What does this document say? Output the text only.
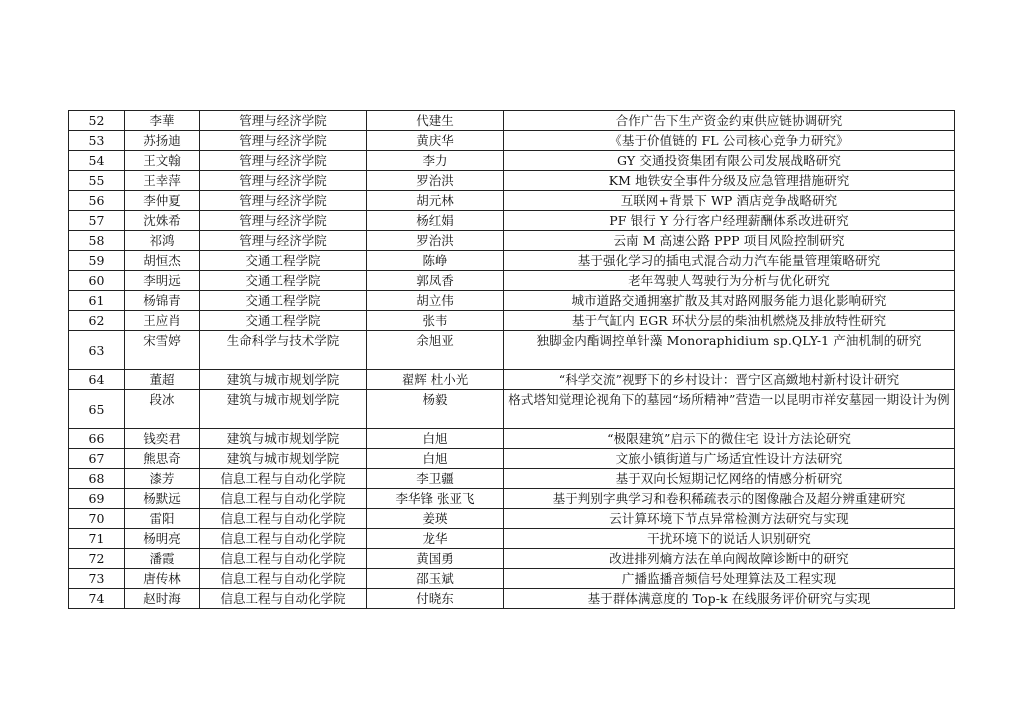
52	李華	管理与经济学院	代建生	合作广告下生产资金约束供应链协调研究
53	苏扬迪	管理与经济学院	黄庆华	《基于价值链的 FL 公司核心竞争力研究》
54	王文翰	管理与经济学院	李力	GY 交通投资集团有限公司发展战略研究
55	王幸萍	管理与经济学院	罗治洪	KM 地铁安全事件分级及应急管理措施研究
56	李仲夏	管理与经济学院	胡元林	互联网+背景下 WP 酒店竞争战略研究
57	沈姝希	管理与经济学院	杨红娟	PF 银行 Y 分行客户经理薪酬体系改进研究
58	祁鸿	管理与经济学院	罗治洪	云南 M 高速公路 PPP 项目风险控制研究
59	胡恒杰	交通工程学院	陈峥	基于强化学习的插电式混合动力汽车能量管理策略研究
60	李明远	交通工程学院	郭凤香	老年驾驶人驾驶行为分析与优化研究
61	杨锦青	交通工程学院	胡立伟	城市道路交通拥塞扩散及其对路网服务能力退化影响研究
62	王应肖	交通工程学院	张韦	基于气缸内 EGR 环状分层的柴油机燃烧及排放特性研究
63	宋雪婷	生命科学与技术学院	余旭亚	独脚金内酯调控单针藻 Monoraphidium sp.QLY-1 产油机制的研究
64	董超	建筑与城市规划学院	翟辉 杜小光	“科学交流”视野下的乡村设计：晋宁区高緻地村新村设计研究
65	段冰	建筑与城市规划学院	杨毅	格式塔知觉理论视角下的墓园“场所精神”营造一以昆明市祥安墓园一期设计为例
66	钱奕君	建筑与城市规划学院	白旭	“极限建筑”启示下的微住宅 设计方法论研究
67	熊思奇	建筑与城市规划学院	白旭	文旅小镇街道与广场适宜性设计方法研究
68	漆芳	信息工程与自动化学院	李卫疆	基于双向长短期记忆网络的情感分析研究
69	杨默远	信息工程与自动化学院	李华锋 张亚飞	基于判别字典学习和卷积稀疏表示的图像融合及超分辨重建研究
70	雷阳	信息工程与自动化学院	姜瑛	云计算环境下节点异常检测方法研究与实现
71	杨明亮	信息工程与自动化学院	龙华	干扰环境下的说话人识别研究
72	潘霞	信息工程与自动化学院	黄国勇	改进排列熵方法在单向阀故障诊断中的研究
73	唐传林	信息工程与自动化学院	邵玉斌	广播监播音频信号处理算法及工程实现
74	赵时海	信息工程与自动化学院	付晓东	基于群体满意度的 Top-k 在线服务评价研究与实现
